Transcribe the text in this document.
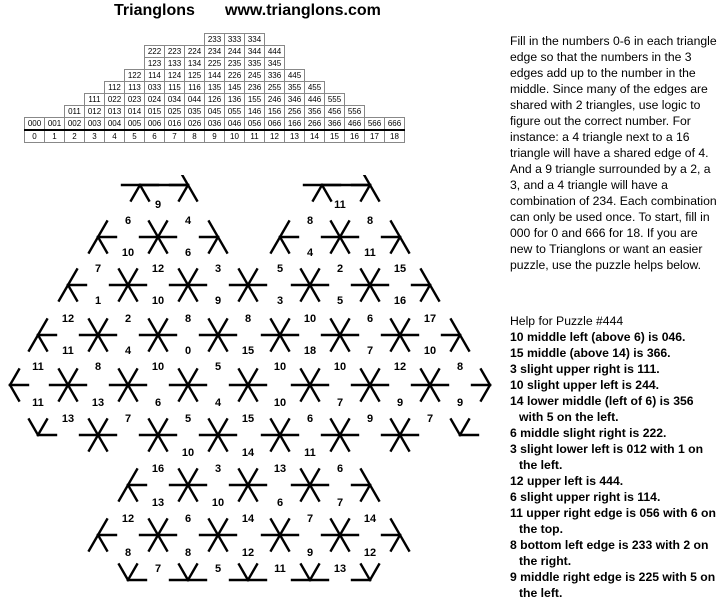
Trianglons www.trianglons.com
									233	333	334							
						222	223	224	234	244	344	444						
						123	133	134	225	235	335	345						
					122	114	124	125	144	226	245	336	445					
				112	113	033	115	116	135	145	236	255	355	455				
			111	022	023	024	034	044	126	136	155	246	346	446	555			
		011	012	013	014	015	025	035	045	055	146	156	256	356	456	556		
000	001	002	003	004	005	006	016	026	036	046	056	066	166	266	366	466	566	666
0	1	2	3	4	5	6	7	8	9	10	11	12	13	14	15	16	17	18
Fill in the numbers 0-6 in each triangle edge so that the numbers in the 3 edges add up to the number in the middle. Since many of the edges are shared with 2 triangles, use logic to figure out the correct number. For instance: a 4 triangle next to a 16 triangle will have a shared edge of 4. And a 9 triangle surrounded by a 2, a 3, and a 4 triangle will have a combination of 234. Each combination can only be used once. To start, fill in 000 for 0 and 666 for 18. If you are new to Trianglons or want an easier puzzle, use the puzzle helps below.

Help for Puzzle #444

10 middle left (above 6) is 046.

15 middle (above 14) is 366.

3 slight upper right is 111.

10 slight upper left is 244.

14 lower middle (left of 6) is 356 with 5 on the left.

6 middle slight right is 222.

3 slight lower left is 012 with 1 on the left.

12 upper left is 444.

6 slight upper right is 114.

11 upper right edge is 056 with 6 on the top.

8 bottom left edge is 233 with 2 on the right.

9 middle right edge is 225 with 5 on the left.

9	11
6	4	8	8
10	6	4	11
7	12	3	5	2	15
1	10	9	3	5	16
12	2	8	8	10	6	17
11	4	0	15	18	7	10
11	8	10	5	10	10	12	8
11	13	6	4	10	7	9	9
13	7	5	15	6	9	7
10	14	11
16	3	13	6
13	10	6	7
12	6	14	7	14
8	8	12	9	12
7	5	11	13
